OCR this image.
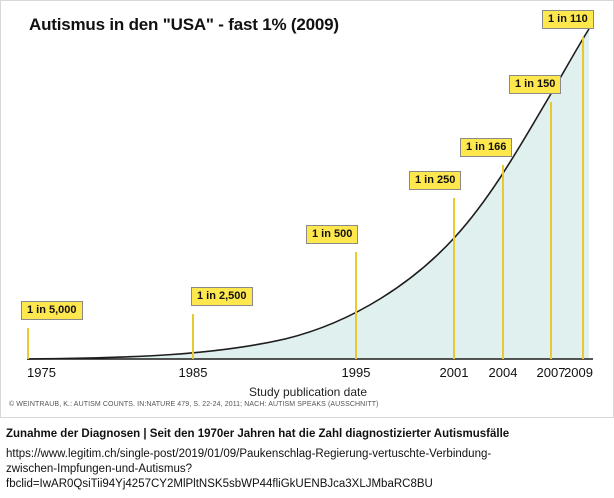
Autismus in den "USA" - fast 1% (2009)
1975	1985	1995	2001 2004 2007
2009
1 in 5,000
1 in 2,500
1 in 500
1 in 250
1 in 166
1 in 150
1 in 110
Study publication date
© WEINTRAUB, K.: AUTISM COUNTS. IN:NATURE 479, S. 22-24, 2011; NACH: AUTISM SPEAKS (AUSSCHNITT)
Zunahme der Diagnosen | Seit den 1970er Jahren hat die Zahl diagnostizierter Autismusfälle
https://www.legitim.ch/single-post/2019/01/09/Paukenschlag-Regierung-vertuschte-Verbindung-
zwischen-Impfungen-und-Autismus?
fbclid=IwAR0QsiTii94Yj4257CY2MlPltNSK5sbWP44fliGkUENBJca3XLJMbaRC8BU
